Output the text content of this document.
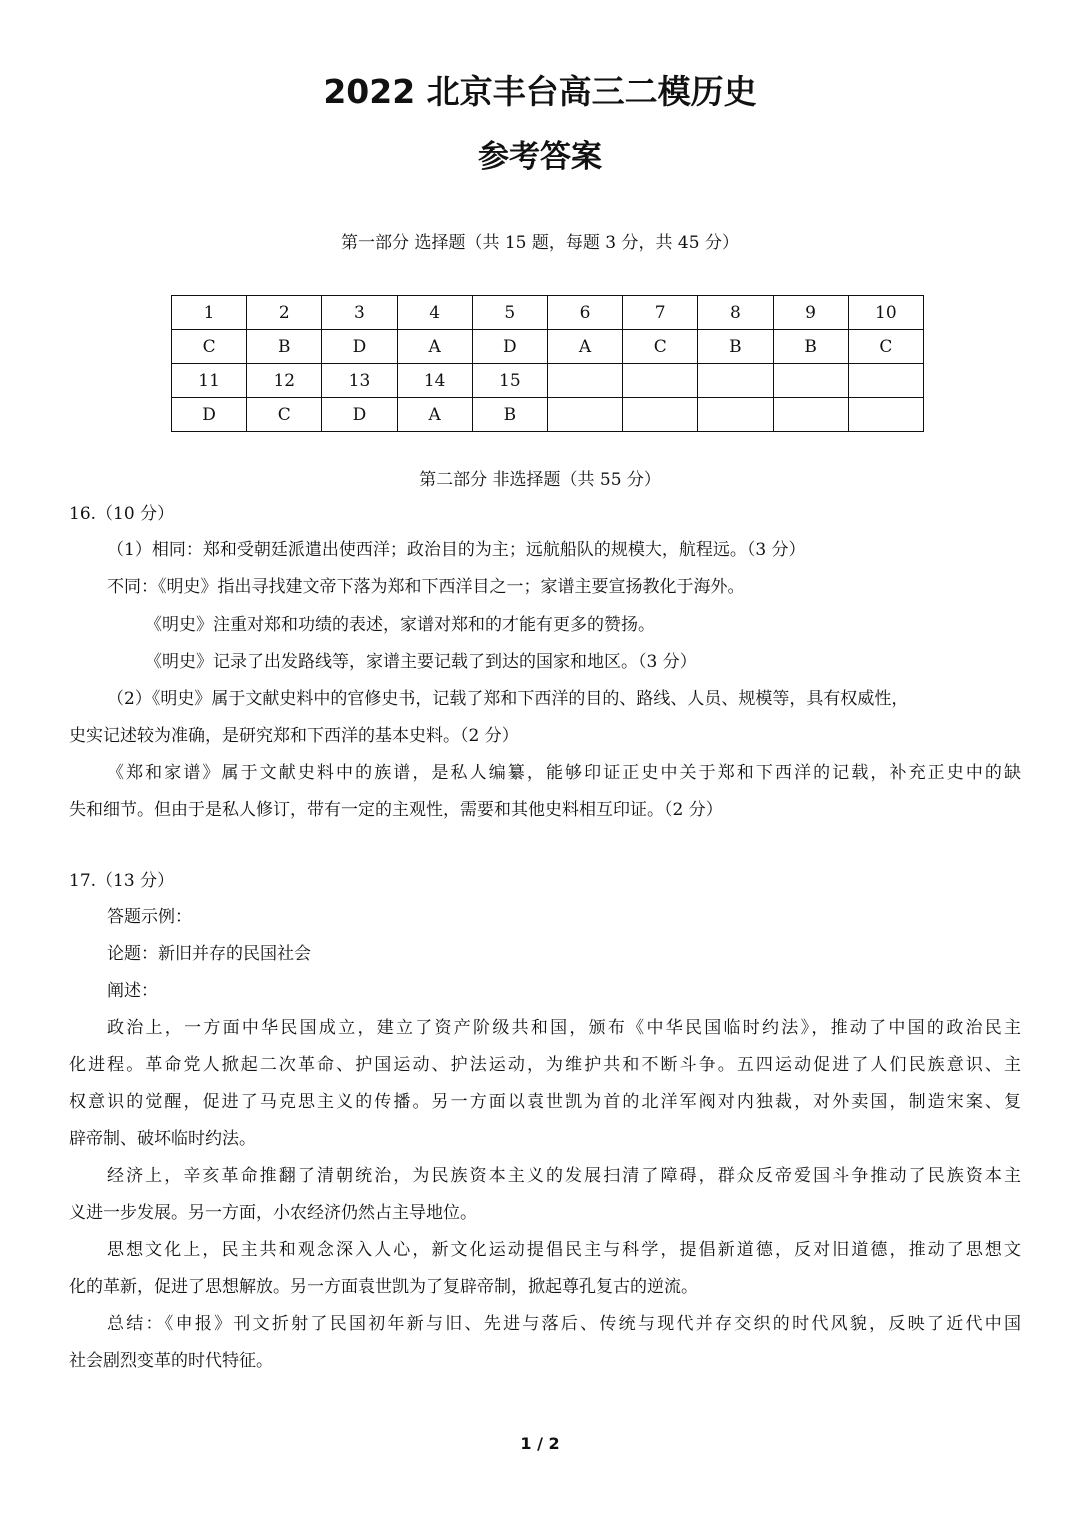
2022 北京丰台高三二模历史
参考答案
第一部分 选择题（共 15 题，每题 3 分，共 45 分）
1	2	3	4	5	6	7	8	9	10
C	B	D	A	D	A	C	B	B	C
11	12	13	14	15					
D	C	D	A	B					
第二部分 非选择题（共 55 分）
16.（10 分）
（1）相同：郑和受朝廷派遣出使西洋；政治目的为主；远航船队的规模大，航程远。（3 分）
不同：《明史》指出寻找建文帝下落为郑和下西洋目之一；家谱主要宣扬教化于海外。
《明史》注重对郑和功绩的表述，家谱对郑和的才能有更多的赞扬。
《明史》记录了出发路线等，家谱主要记载了到达的国家和地区。（3 分）
（2）《明史》属于文献史料中的官修史书，记载了郑和下西洋的目的、路线、人员、规模等，具有权威性，
史实记述较为准确，是研究郑和下西洋的基本史料。（2 分）
《郑和家谱》属于文献史料中的族谱，是私人编纂，能够印证正史中关于郑和下西洋的记载，补充正史中的缺
失和细节。但由于是私人修订，带有一定的主观性，需要和其他史料相互印证。（2 分）
17.（13 分）
答题示例：
论题：新旧并存的民国社会
阐述：
政治上，一方面中华民国成立，建立了资产阶级共和国，颁布《中华民国临时约法》，推动了中国的政治民主
化进程。革命党人掀起二次革命、护国运动、护法运动，为维护共和不断斗争。五四运动促进了人们民族意识、主
权意识的觉醒，促进了马克思主义的传播。另一方面以袁世凯为首的北洋军阀对内独裁，对外卖国，制造宋案、复
辟帝制、破坏临时约法。
经济上，辛亥革命推翻了清朝统治，为民族资本主义的发展扫清了障碍，群众反帝爱国斗争推动了民族资本主
义进一步发展。另一方面，小农经济仍然占主导地位。
思想文化上，民主共和观念深入人心，新文化运动提倡民主与科学，提倡新道德，反对旧道德，推动了思想文
化的革新，促进了思想解放。另一方面袁世凯为了复辟帝制，掀起尊孔复古的逆流。
总结：《申报》刊文折射了民国初年新与旧、先进与落后、传统与现代并存交织的时代风貌，反映了近代中国
社会剧烈变革的时代特征。
1 / 2
